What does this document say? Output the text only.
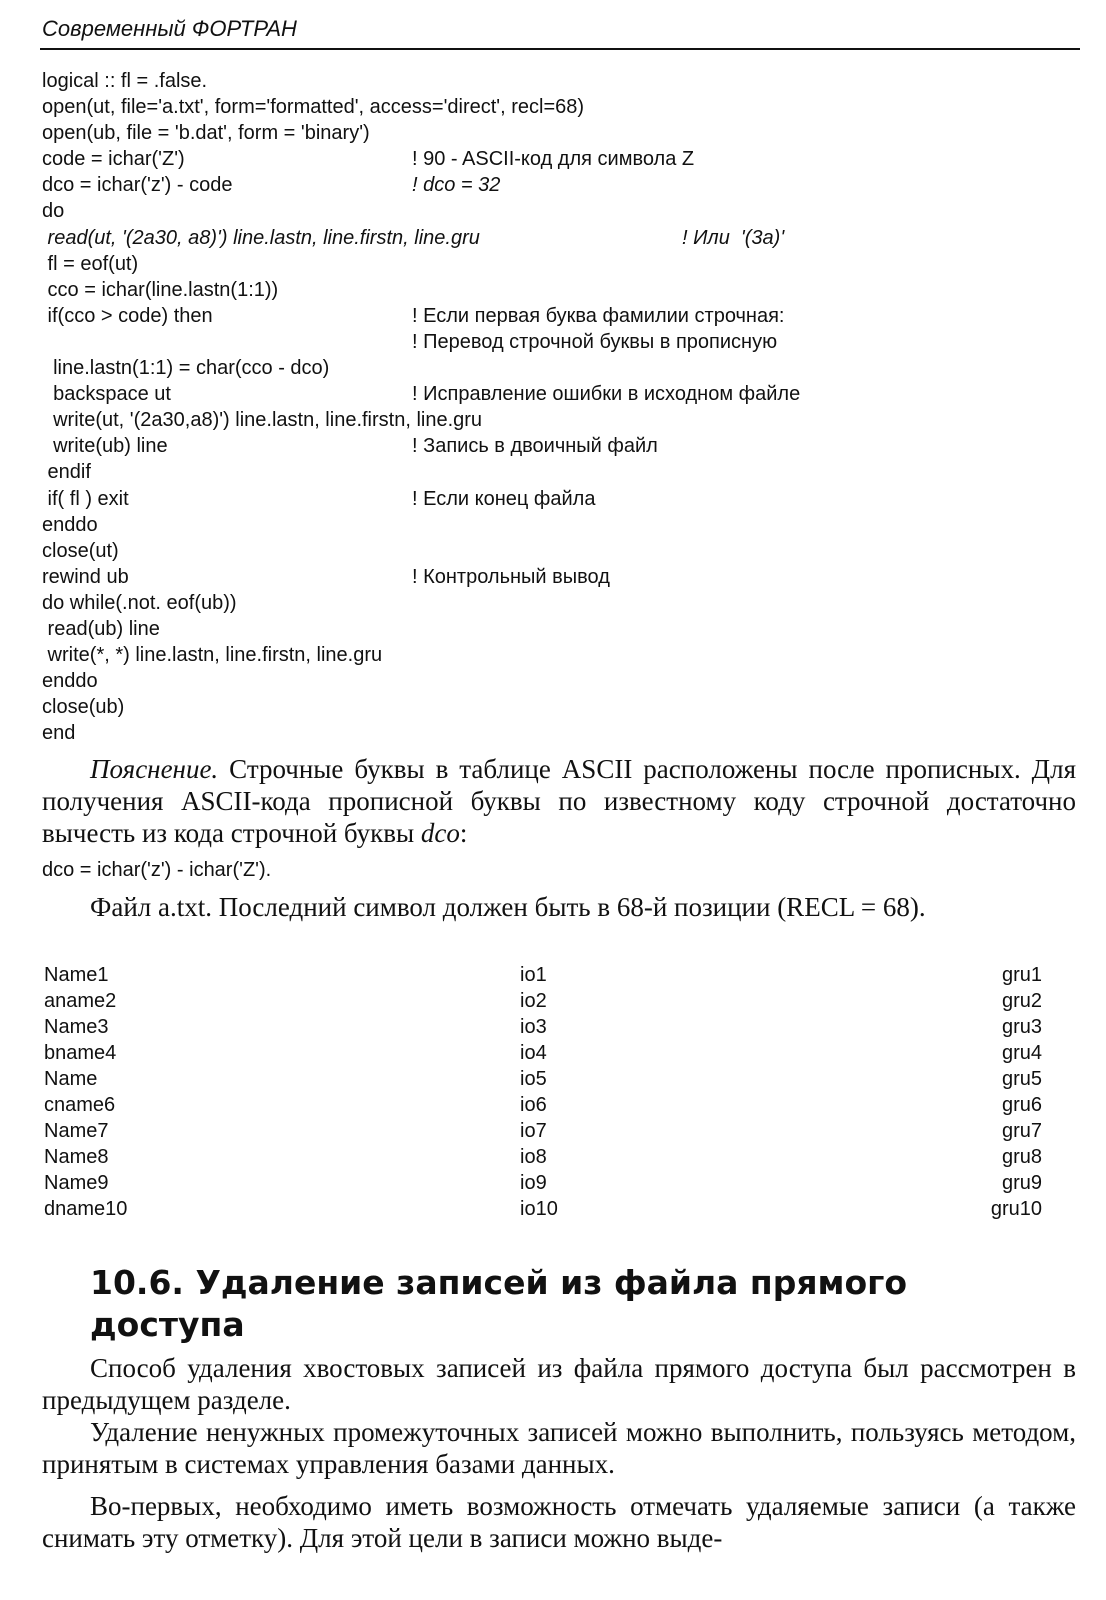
Современный ФОРТРАН
logical :: fl = .false.
open(ut, file='a.txt', form='formatted', access='direct', recl=68)
open(ub, file = 'b.dat', form = 'binary')
code = ichar('Z')	! 90 - ASCII-код для символа Z
dco = ichar('z') - code	! dco = 32
do
read(ut, '(2a30, a8)') line.lastn, line.firstn, line.gru	! Или  '(3a)'
fl = eof(ut)
cco = ichar(line.lastn(1:1))
if(cco > code) then	! Если первая буква фамилии строчная:
! Перевод строчной буквы в прописную
line.lastn(1:1) = char(cco - dco)
backspace ut	! Исправление ошибки в исходном файле
write(ut, '(2a30,a8)') line.lastn, line.firstn, line.gru
write(ub) line	! Запись в двоичный файл
endif
if( fl ) exit	! Если конец файла
enddo
close(ut)
rewind ub	! Контрольный вывод
do while(.not. eof(ub))
read(ub) line
write(*, *) line.lastn, line.firstn, line.gru
enddo
close(ub)
end

Пояснение. Строчные буквы в таблице ASCII расположены после прописных. Для получения ASCII-кода прописной буквы по известному коду строчной достаточно вычесть из кода строчной буквы dco:

dco = ichar('z') - ichar('Z').

Файл a.txt. Последний символ должен быть в 68-й позиции (RECL = 68).

Name1	io1	gru1
aname2	io2	gru2
Name3	io3	gru3
bname4	io4	gru4
Name	io5	gru5
cname6	io6	gru6
Name7	io7	gru7
Name8	io8	gru8
Name9	io9	gru9
dname10	io10	gru10
10.6. Удаление записей из файла прямого доступа

Способ удаления хвостовых записей из файла прямого доступа был рассмотрен в предыдущем разделе.

Удаление ненужных промежуточных записей можно выполнить, пользуясь методом, принятым в системах управления базами данных.

Во-первых, необходимо иметь возможность отмечать удаляемые записи (а также снимать эту отметку). Для этой цели в записи можно выде-
